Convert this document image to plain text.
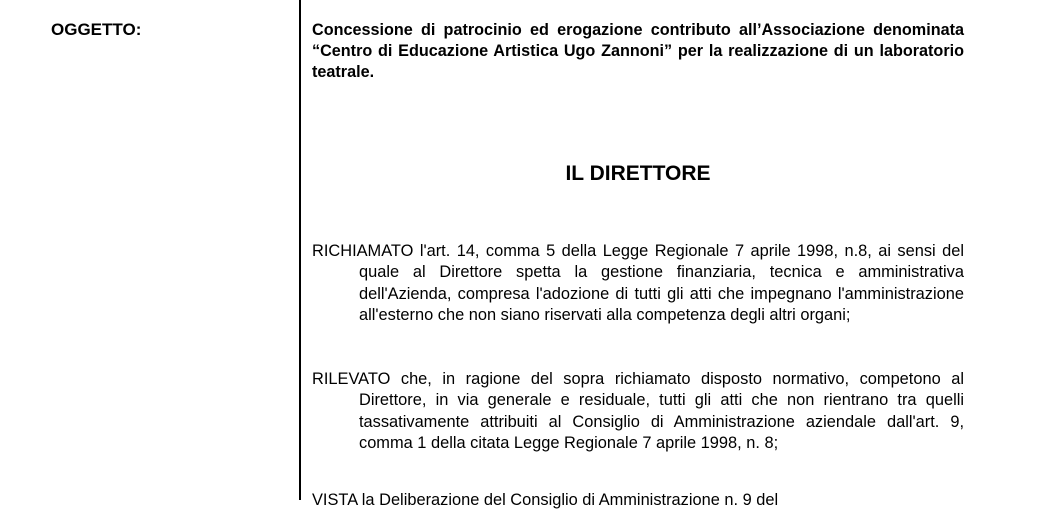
OGGETTO:	Concessione di patrocinio ed erogazione contributo all’Associazione denominata “Centro di Educazione Artistica Ugo Zannoni” per la realizzazione di un laboratorio teatrale.
IL DIRETTORE
RICHIAMATO l'art. 14, comma 5 della Legge Regionale 7 aprile 1998, n.8, ai sensi del quale al Direttore spetta la gestione finanziaria, tecnica e amministrativa dell'Azienda, compresa l'adozione di tutti gli atti che impegnano l'amministrazione all'esterno che non siano riservati alla competenza degli altri organi;
RILEVATO che, in ragione del sopra richiamato disposto normativo, competono al Direttore, in via generale e residuale, tutti gli atti che non rientrano tra quelli tassativamente attribuiti al Consiglio di Amministrazione aziendale dall'art. 9, comma 1 della citata Legge Regionale 7 aprile 1998, n. 8;
VISTA la Deliberazione del Consiglio di Amministrazione n. 9 del
